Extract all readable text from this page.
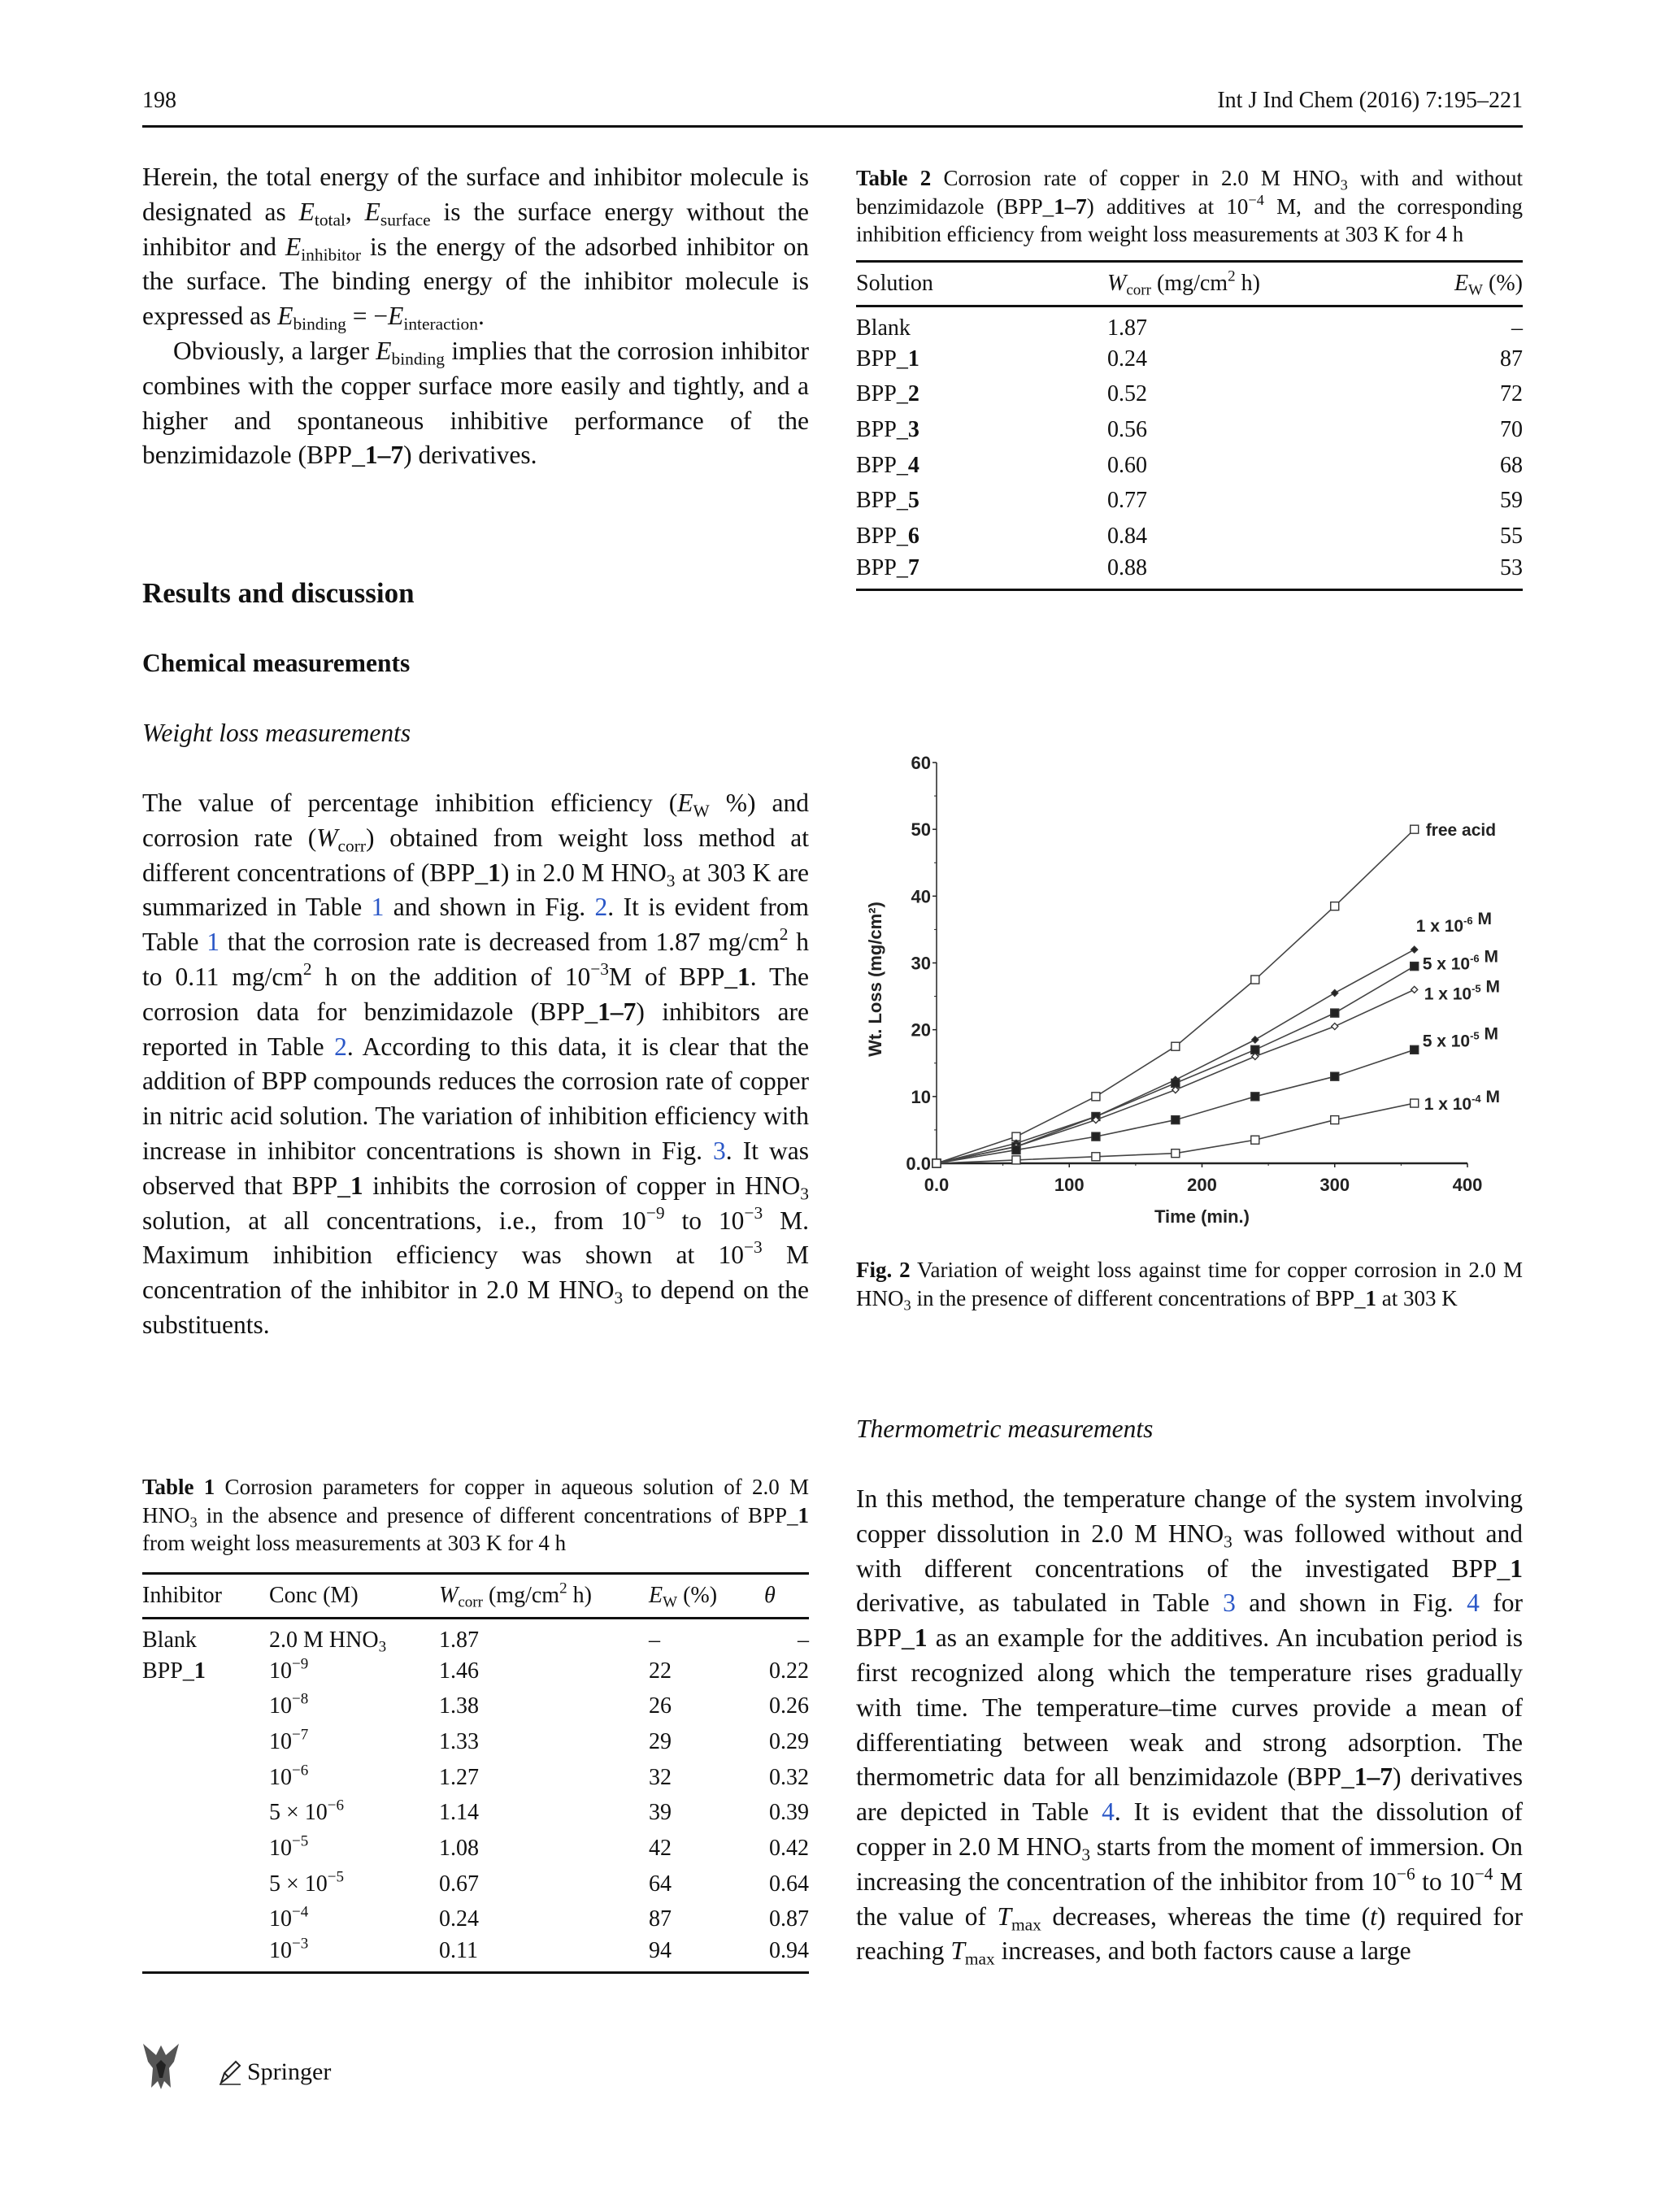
198	Int J Ind Chem (2016) 7:195–221

Herein, the total energy of the surface and inhibitor molecule is designated as $E_{total}$, $E_{surface}$ is the surface energy without the inhibitor and $E_{inhibitor}$ is the energy of the adsorbed inhibitor on the surface. The binding energy of the inhibitor molecule is expressed as $E_{binding} = -E_{interaction}$.

Obviously, a larger $E_{binding}$ implies that the corrosion inhibitor combines with the copper surface more easily and tightly, and a higher and spontaneous inhibitive performance of the benzimidazole (BPP_1–7) derivatives.

Results and discussion
Chemical measurements
Weight loss measurements

The value of percentage inhibition efficiency ($E_W$ %) and corrosion rate $(W_{corr})$ obtained from weight loss method at different concentrations of (BPP_1) in 2.0 M $HNO_3$ at 303 K are summarized in Table 1 and shown in Fig. 2. It is evident from Table 1 that the corrosion rate is decreased from 1.87 $mg/cm^2$ h to 0.11 $mg/cm^2$ h on the addition of $10^{-3}M$ of BPP_1. The corrosion data for benzimidazole (BPP_1–7) inhibitors are reported in Table 2. According to this data, it is clear that the addition of BPP compounds reduces the corrosion rate of copper in nitric acid solution. The variation of inhibition efficiency with increase in inhibitor concentrations is shown in Fig. 3. It was observed that BPP_1 inhibits the corrosion of copper in $HNO_3$ solution, at all concentrations, i.e., from $10^{-9}$ to $10^{-3}$ M. Maximum inhibition efficiency was shown at $10^{-3}$ M concentration of the inhibitor in 2.0 M $HNO_3$ to depend on the substituents.

Table 1 Corrosion parameters for copper in aqueous solution of 2.0 M $HNO_3$ in the absence and presence of different concentrations of BPP_1 from weight loss measurements at 303 K for 4 h

Inhibitor	Conc (M)	$W_{corr}$ ($mg/cm^2$ h)	$E_W$ (%)	θ
Blank	2.0 M $HNO_3$	1.87	–	–
BPP_1	$10^{-9}$	1.46	22	0.22
	$10^{-8}$	1.38	26	0.26
	$10^{-7}$	1.33	29	0.29
	$10^{-6}$	1.27	32	0.32
	$5 \times 10^{-6}$	1.14	39	0.39
	$10^{-5}$	1.08	42	0.42
	$5 \times 10^{-5}$	0.67	64	0.64
	$10^{-4}$	0.24	87	0.87
	$10^{-3}$	0.11	94	0.94

Table 2 Corrosion rate of copper in 2.0 M $HNO_3$ with and without benzimidazole (BPP_1–7) additives at $10^{-4}$ M, and the corresponding inhibition efficiency from weight loss measurements at 303 K for 4 h

Solution	$W_{corr}$ ($mg/cm^2$ h)	$E_W$ (%)
Blank	1.87	–
BPP_1	0.24	87
BPP_2	0.52	72
BPP_3	0.56	70
BPP_4	0.60	68
BPP_5	0.77	59
BPP_6	0.84	55
BPP_7	0.88	53
0.0
10
20
30
40
50
60
0.0	100	200	300	400
Time (min.)
Wt. Loss (mg/cm²)
free acid
1 x $10^{-6}$ M
5 x $10^{-6}$ M
1 x $10^{-5}$ M
5 x $10^{-5}$ M
1 x $10^{-4}$ M

Fig. 2 Variation of weight loss against time for copper corrosion in 2.0 M $HNO_3$ in the presence of different concentrations of BPP_1 at 303 K

Thermometric measurements

In this method, the temperature change of the system involving copper dissolution in 2.0 M $HNO_3$ was followed without and with different concentrations of the investigated BPP_1 derivative, as tabulated in Table 3 and shown in Fig. 4 for BPP_1 as an example for the additives. An incubation period is first recognized along which the temperature rises gradually with time. The temperature–time curves provide a mean of differentiating between weak and strong adsorption. The thermometric data for all benzimidazole (BPP_1–7) derivatives are depicted in Table 4. It is evident that the dissolution of copper in 2.0 M $HNO_3$ starts from the moment of immersion. On increasing the concentration of the inhibitor from $10^{-6}$ to $10^{-4}$ M the value of $T_{max}$ decreases, whereas the time (t) required for reaching $T_{max}$ increases, and both factors cause a large

Springer
